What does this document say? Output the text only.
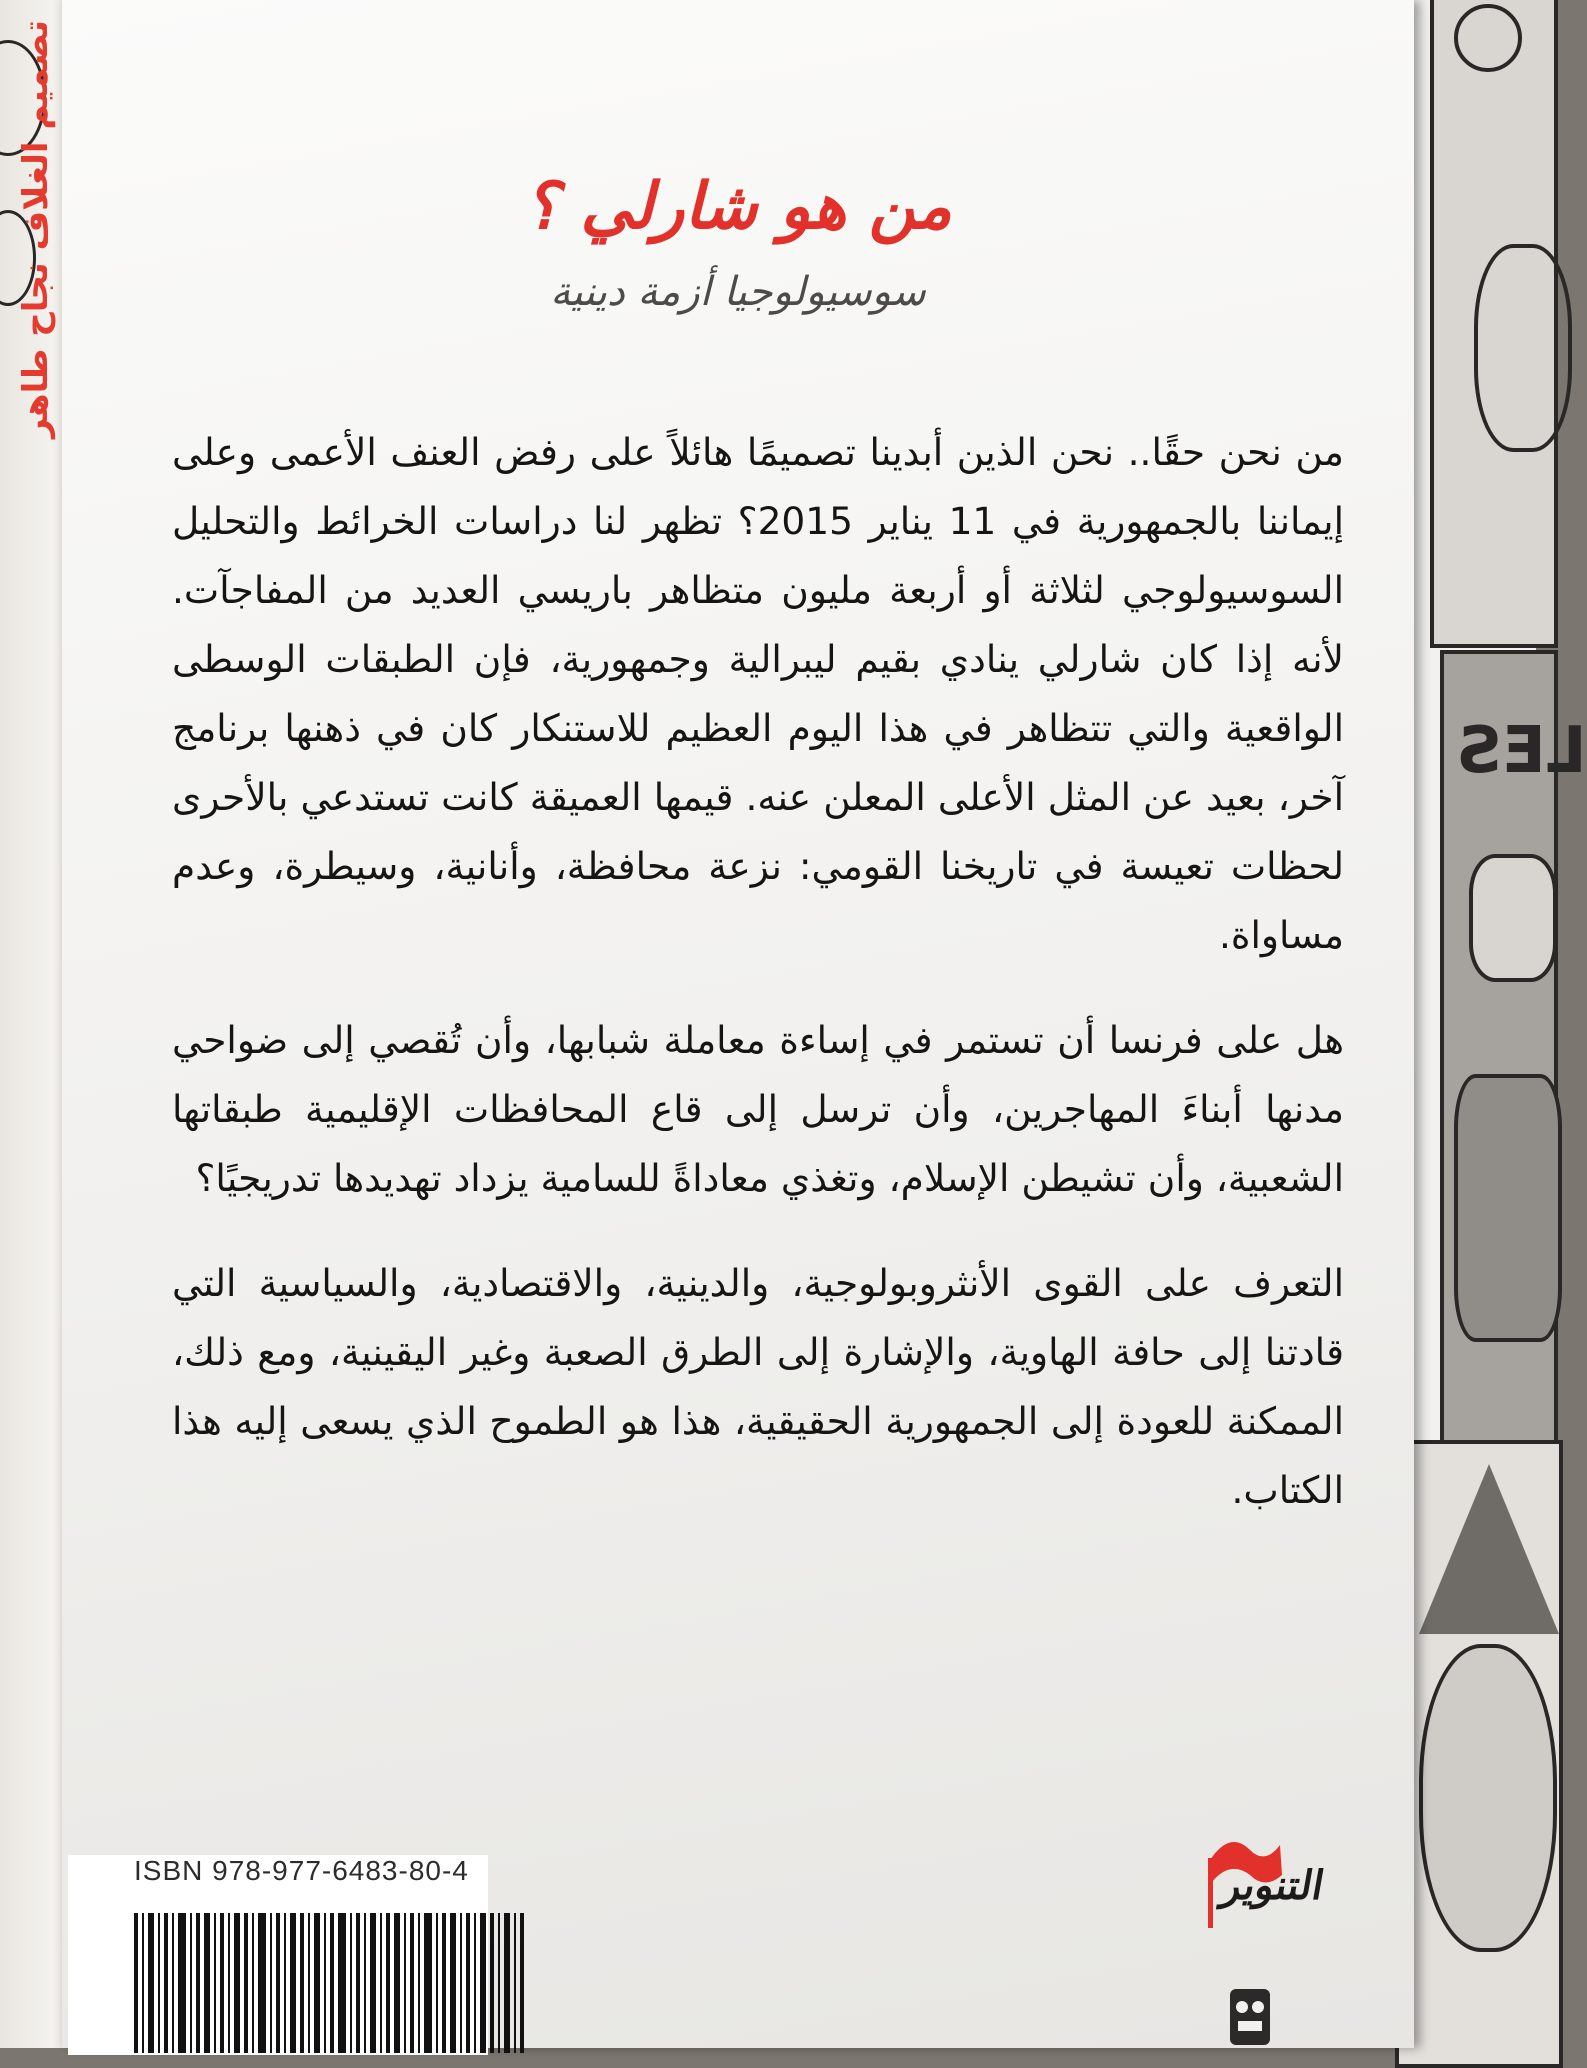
تصميم الغلاف نجاح طاهر
LES
من هو شارلي ؟
سوسيولوجيا أزمة دينية

من نحن حقًا.. نحن الذين أبدينا تصميمًا هائلاً على رفض العنف الأعمى وعلى إيماننا بالجمهورية في 11 يناير 2015؟ تظهر لنا دراسات الخرائط والتحليل السوسيولوجي لثلاثة أو أربعة مليون متظاهر باريسي العديد من المفاجآت. لأنه إذا كان شارلي ينادي بقيم ليبرالية وجمهورية، فإن الطبقات الوسطى الواقعية والتي تتظاهر في هذا اليوم العظيم للاستنكار كان في ذهنها برنامج آخر، بعيد عن المثل الأعلى المعلن عنه. قيمها العميقة كانت تستدعي بالأحرى لحظات تعيسة في تاريخنا القومي: نزعة محافظة، وأنانية، وسيطرة، وعدم مساواة.

هل على فرنسا أن تستمر في إساءة معاملة شبابها، وأن تُقصي إلى ضواحي مدنها أبناءَ المهاجرين، وأن ترسل إلى قاع المحافظات الإقليمية طبقاتها الشعبية، وأن تشيطن الإسلام، وتغذي معاداةً للسامية يزداد تهديدها تدريجيًا؟

التعرف على القوى الأنثروبولوجية، والدينية، والاقتصادية، والسياسية التي قادتنا إلى حافة الهاوية، والإشارة إلى الطرق الصعبة وغير اليقينية، ومع ذلك، الممكنة للعودة إلى الجمهورية الحقيقية، هذا هو الطموح الذي يسعى إليه هذا الكتاب.

ISBN 978-977-6483-80-4	التنوير
